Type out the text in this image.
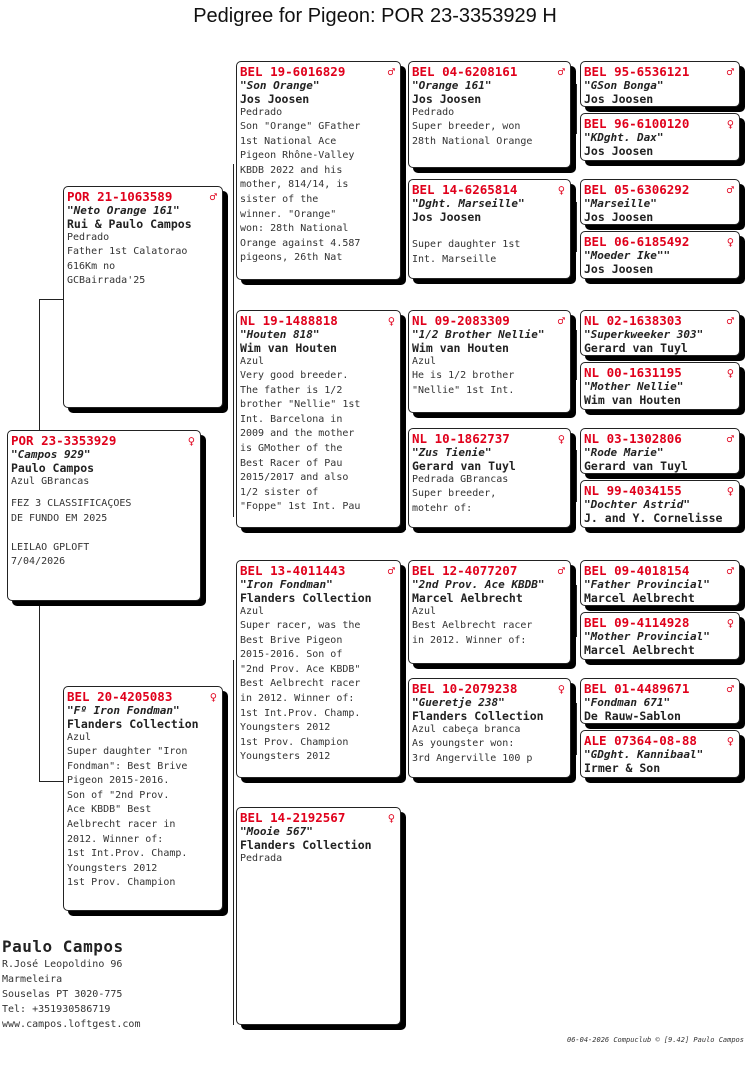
Pedigree for Pigeon: POR 23-3353929 H
POR 23-3353929	♀
"Campos 929"
Paulo Campos
Azul GBrancas
FEZ 3 CLASSIFICAÇOES
DE FUNDO EM 2025

LEILAO GPLOFT
7/04/2026
POR 21-1063589	♂
"Neto Orange 161"
Rui & Paulo Campos
Pedrado
Father 1st Calatorao
616Km no
GCBairrada'25
BEL 20-4205083	♀
"Fº Iron Fondman"
Flanders Collection
Azul
Super daughter "Iron
Fondman": Best Brive
Pigeon 2015-2016.
Son of "2nd Prov.
Ace KBDB" Best
Aelbrecht racer in
2012. Winner of:
1st Int.Prov. Champ.
Youngsters 2012
1st Prov. Champion
BEL 19-6016829	♂
"Son Orange"
Jos Joosen
Pedrado
Son "Orange" GFather
1st National Ace
Pigeon Rhône-Valley
KBDB 2022 and his
mother, 814/14, is
sister of the
winner. "Orange"
won: 28th National
Orange against 4.587
pigeons, 26th Nat
NL 19-1488818	♀
"Houten 818"
Wim van Houten
Azul
Very good breeder.
The father is 1/2
brother "Nellie" 1st
Int. Barcelona in
2009 and the mother
is GMother of the
Best Racer of Pau
2015/2017 and also
1/2 sister of
"Foppe" 1st Int. Pau
BEL 13-4011443	♂
"Iron Fondman"
Flanders Collection
Azul
Super racer, was the
Best Brive Pigeon
2015-2016. Son of
"2nd Prov. Ace KBDB"
Best Aelbrecht racer
in 2012. Winner of:
1st Int.Prov. Champ.
Youngsters 2012
1st Prov. Champion
Youngsters 2012
BEL 14-2192567	♀
"Mooie 567"
Flanders Collection
Pedrada
BEL 04-6208161	♂
"Orange 161"
Jos Joosen
Pedrado
Super breeder, won
28th National Orange
BEL 14-6265814	♀
"Dght. Marseille"
Jos Joosen
Super daughter 1st
Int. Marseille
NL 09-2083309	♂
"1/2 Brother Nellie"
Wim van Houten
Azul
He is 1/2 brother
"Nellie" 1st Int.
NL 10-1862737	♀
"Zus Tienie"
Gerard van Tuyl
Pedrada GBrancas
Super breeder,
motehr of:
BEL 12-4077207	♂
"2nd Prov. Ace KBDB"
Marcel Aelbrecht
Azul
Best Aelbrecht racer
in 2012. Winner of:
BEL 10-2079238	♀
"Gueretje 238"
Flanders Collection
Azul cabeça branca
As youngster won:
3rd Angerville 100 p
BEL 95-6536121	♂
"GSon Bonga"
Jos Joosen
BEL 96-6100120	♀
"KDght. Dax"
Jos Joosen
BEL 05-6306292	♂
"Marseille"
Jos Joosen
BEL 06-6185492	♀
"Moeder Ike""
Jos Joosen
NL 02-1638303	♂
"Superkweeker 303"
Gerard van Tuyl
NL 00-1631195	♀
"Mother Nellie"
Wim van Houten
NL 03-1302806	♂
"Rode Marie"
Gerard van Tuyl
NL 99-4034155	♀
"Dochter Astrid"
J. and Y. Cornelisse
BEL 09-4018154	♂
"Father Provincial"
Marcel Aelbrecht
BEL 09-4114928	♀
"Mother Provincial"
Marcel Aelbrecht
BEL 01-4489671	♂
"Fondman 671"
De Rauw-Sablon
ALE 07364-08-88	♀
"GDght. Kannibaal"
Irmer & Son
Paulo Campos
R.José Leopoldino 96
Marmeleira
Souselas PT 3020-775
Tel: +351930586719
www.campos.loftgest.com
06-04-2026 Compuclub © [9.42] Paulo Campos
